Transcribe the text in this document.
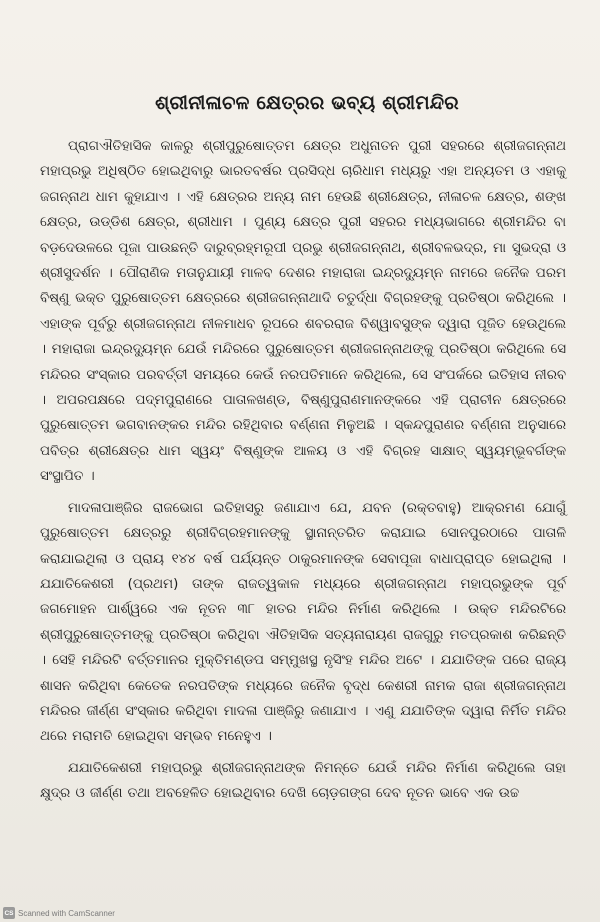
ଶ୍ରୀନୀଳାଚଳ କ୍ଷେତ୍ରର ଭବ୍ୟ ଶ୍ରୀମନ୍ଦିର

ପ୍ରାଗଐତିହାସିକ କାଳରୁ ଶ୍ରୀପୁରୁଷୋତ୍ତମ କ୍ଷେତ୍ର ଅଧୁନାତନ ପୁରୀ ସହରରେ ଶ୍ରୀଜଗନ୍ନାଥ ମହାପ୍ରଭୁ ଅଧିଷ୍ଠିତ ହୋଇଥିବାରୁ ଭାରତବର୍ଷର ପ୍ରସିଦ୍ଧ ଚାରିଧାମ ମଧ୍ୟରୁ ଏହା ଅନ୍ୟତମ ଓ ଏହାକୁ ଜଗନ୍ନାଥ ଧାମ କୁହାଯାଏ । ଏହି କ୍ଷେତ୍ରର ଅନ୍ୟ ନାମ ହେଉଛି ଶ୍ରୀକ୍ଷେତ୍ର, ନୀଳାଚଳ କ୍ଷେତ୍ର, ଶଙ୍ଖ କ୍ଷେତ୍ର, ଉଡ୍ଡିଶ କ୍ଷେତ୍ର, ଶ୍ରୀଧାମ । ପୁଣ୍ୟ କ୍ଷେତ୍ର ପୁରୀ ସହରର ମଧ୍ୟଭାଗରେ ଶ୍ରୀମନ୍ଦିର ବା ବଡ଼ଦେଉଳରେ ପୂଜା ପାଉଛନ୍ତି ଦାରୁବ୍ରହ୍ମରୂପୀ ପ୍ରଭୁ ଶ୍ରୀଜଗନ୍ନାଥ, ଶ୍ରୀବଳଭଦ୍ର, ମା ସୁଭଦ୍ରା ଓ ଶ୍ରୀସୁଦର୍ଶନ । ପୌରାଣିକ ମତାନୁଯାୟୀ ମାଳବ ଦେଶର ମହାରାଜା ଇନ୍ଦ୍ରଦ୍ୟୁମ୍ନ ନାମରେ ଜନୈକ ପରମ ବିଷ୍ଣୁ ଭକ୍ତ ପୁରୁଷୋତ୍ତମ କ୍ଷେତ୍ରରେ ଶ୍ରୀଜଗନ୍ନାଥାଦି ଚତୁର୍ଦ୍ଧା ବିଗ୍ରହଙ୍କୁ ପ୍ରତିଷ୍ଠା କରିଥିଲେ । ଏହାଙ୍କ ପୂର୍ବରୁ ଶ୍ରୀଜଗନ୍ନାଥ ନୀଳମାଧବ ରୂପରେ ଶବରରାଜ ବିଶ୍ୱାବସୁଙ୍କ ଦ୍ୱାରା ପୂଜିତ ହେଉଥିଲେ । ମହାରାଜା ଇନ୍ଦ୍ରଦ୍ୟୁମ୍ନ ଯେଉଁ ମନ୍ଦିରରେ ପୁରୁଷୋତ୍ତମ ଶ୍ରୀଜଗନ୍ନାଥଙ୍କୁ ପ୍ରତିଷ୍ଠା କରିଥିଲେ ସେ ମନ୍ଦିରର ସଂସ୍କାର ପରବର୍ତ୍ତୀ ସମୟରେ କେଉଁ ନରପତିମାନେ କରିଥିଲେ, ସେ ସଂପର୍କରେ ଇତିହାସ ନୀରବ । ଅପରପକ୍ଷରେ ପଦ୍ମପୁରାଣରେ ପାତାଳଖଣ୍ଡ, ବିଷ୍ଣୁପୁରାଣମାନଙ୍କରେ ଏହି ପ୍ରାଚୀନ କ୍ଷେତ୍ରରେ ପୁରୁଷୋତ୍ତମ ଭଗବାନଙ୍କର ମନ୍ଦିର ରହିଥିବାର ବର୍ଣ୍ଣନା ମିଳୁଅଛି । ସ୍କନ୍ଦପୁରାଣର ବର୍ଣ୍ଣନା ଅନୁସାରେ ପବିତ୍ର ଶ୍ରୀକ୍ଷେତ୍ର ଧାମ ସ୍ୱୟଂ ବିଷ୍ଣୁଙ୍କ ଆଳୟ ଓ ଏହି ବିଗ୍ରହ ସାକ୍ଷାତ୍ ସ୍ୱୟମ୍ଭୂବର୍ଗଙ୍କ ସଂସ୍ଥାପିତ ।

ମାଦଳାପାଞ୍ଜିର ରାଜଭୋଗ ଇତିହାସରୁ ଜଣାଯାଏ ଯେ, ଯବନ (ରକ୍ତବାହୁ) ଆକ୍ରମଣ ଯୋଗୁଁ ପୁରୁଷୋତ୍ତମ କ୍ଷେତ୍ରରୁ ଶ୍ରୀବିଗ୍ରହମାନଙ୍କୁ ସ୍ଥାନାନ୍ତରିତ କରାଯାଇ ସୋନପୁରଠାରେ ପାତାଳି କରାଯାଇଥିଲା ଓ ପ୍ରାୟ ୧୪୪ ବର୍ଷ ପର୍ଯ୍ୟନ୍ତ ଠାକୁରମାନଙ୍କ ସେବାପୂଜା ବାଧାପ୍ରାପ୍ତ ହୋଇଥିଲା । ଯଯାତିକେଶରୀ (ପ୍ରଥମ) ତାଙ୍କ ରାଜତ୍ୱକାଳ ମଧ୍ୟରେ ଶ୍ରୀଜଗନ୍ନାଥ ମହାପ୍ରଭୁଙ୍କ ପୂର୍ବ ଜଗମୋହନ ପାର୍ଶ୍ୱରେ ଏକ ନୂତନ ୩୮ ହାତର ମନ୍ଦିର ନିର୍ମାଣ କରିଥିଲେ । ଉକ୍ତ ମନ୍ଦିରଟିରେ ଶ୍ରୀପୁରୁଷୋତ୍ତମଙ୍କୁ ପ୍ରତିଷ୍ଠା କରିଥିବା ଐତିହାସିକ ସତ୍ୟନାରାୟଣ ରାଜଗୁରୁ ମତପ୍ରକାଶ କରିଛନ୍ତି । ସେହି ମନ୍ଦିରଟି ବର୍ତ୍ତମାନର ମୁକ୍ତିମଣ୍ଡପ ସମ୍ମୁଖସ୍ଥ ନୃସିଂହ ମନ୍ଦିର ଅଟେ । ଯଯାତିଙ୍କ ପରେ ରାଜ୍ୟ ଶାସନ କରିଥିବା କେତେକ ନରପତିଙ୍କ ମଧ୍ୟରେ ଜନୈକ ବୃଦ୍ଧ କେଶରୀ ନାମକ ରାଜା ଶ୍ରୀଜଗନ୍ନାଥ ମନ୍ଦିରର ଜୀର୍ଣ୍ଣ ସଂସ୍କାର କରିଥିବା ମାଦଳା ପାଞ୍ଜିରୁ ଜଣାଯାଏ । ଏଣୁ ଯଯାତିଙ୍କ ଦ୍ୱାରା ନିର୍ମିତ ମନ୍ଦିର ଥରେ ମରାମତି ହୋଇଥିବା ସମ୍ଭବ ମନେହୁଏ ।

ଯଯାତିକେଶରୀ ମହାପ୍ରଭୁ ଶ୍ରୀଜଗନ୍ନାଥଙ୍କ ନିମନ୍ତେ ଯେଉଁ ମନ୍ଦିର ନିର୍ମାଣ କରିଥିଲେ ତାହା କ୍ଷୁଦ୍ର ଓ ଜୀର୍ଣ୍ଣ ତଥା ଅବହେଳିତ ହୋଇଥିବାର ଦେଖି ଚୋଡ଼ଗଙ୍ଗ ଦେବ ନୂତନ ଭାବେ ଏକ ଉଚ୍ଚ

CS Scanned with CamScanner
